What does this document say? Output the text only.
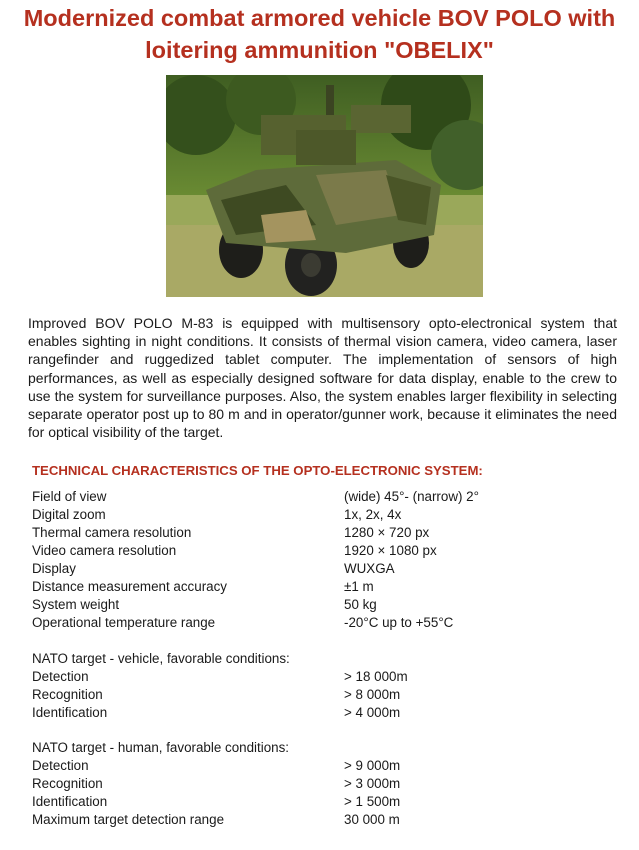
Modernized combat armored vehicle BOV POLO with
loitering ammunition "OBELIX"
Improved BOV POLO M-83 is equipped with multisensory opto-electronical system that enables sighting in night conditions. It consists of thermal vision camera, video camera, laser rangefinder and ruggedized tablet computer. The implementation of sensors of high performances, as well as especially designed software for data display, enable to the crew to use the system for surveillance purposes. Also, the system enables larger flexibility in selecting separate operator post up to 80 m and in operator/gunner work, because it eliminates the need for optical visibility of the target.
TECHNICAL CHARACTERISTICS OF THE OPTO-ELECTRONIC SYSTEM:
Field of view	(wide) 45°- (narrow) 2°
Digital zoom	1x, 2x, 4x
Thermal camera resolution	1280 × 720 px
Video camera resolution	1920 × 1080 px
Display	WUXGA
Distance measurement accuracy	±1 m
System weight	50 kg
Operational temperature range	-20°C up to +55°C
NATO target - vehicle, favorable conditions:
Detection	> 18 000m
Recognition	> 8 000m
Identification	> 4 000m
NATO target - human, favorable conditions:
Detection	> 9 000m
Recognition	> 3 000m
Identification	> 1 500m
Maximum target detection range	30 000 m
